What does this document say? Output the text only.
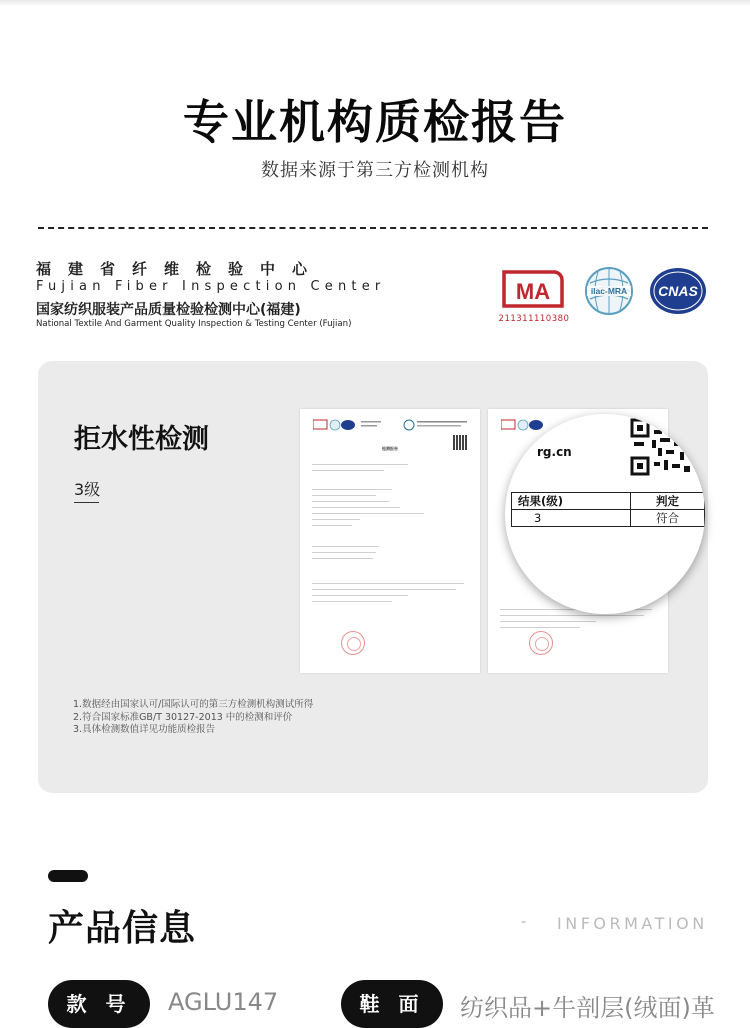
专业机构质检报告
数据来源于第三方检测机构
福建省纤维检验中心
Fujian Fiber Inspection Center
国家纺织服装产品质量检验检测中心(福建)
National Textile And Garment Quality Inspection & Testing Center (Fujian)
MA
211311110380
ilac-MRA CNAS
拒水性检测
3级
检测报告	rg.cn
结果(级)	判定
3	符合
1.数据经由国家认可/国际认可的第三方检测机构测试所得
2.符合国家标准GB/T 30127-2013 中的检测和评价
3.具体检测数值详见功能质检报告
产品信息	- INFORMATION
款 号	AGLU147	鞋 面	纺织品+牛剖层(绒面)革
